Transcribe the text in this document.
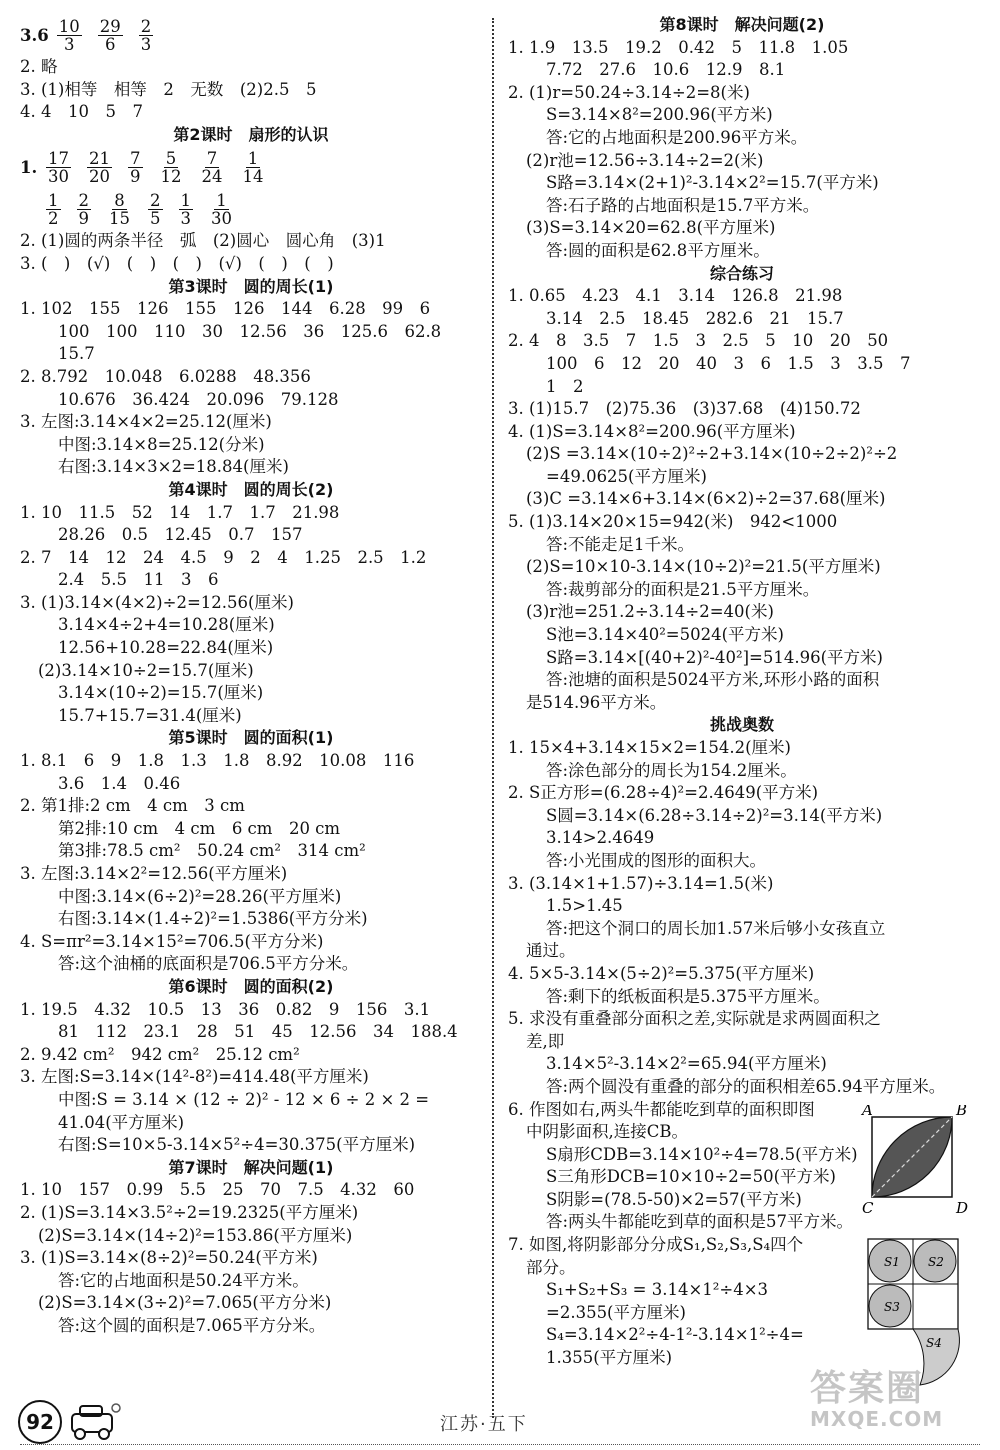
$3.6 \frac{10}{3} \frac{29}{6} \frac{2}{3}$
2. 略
3. (1)相等　相等　2　无数　(2)2.5　5
4. 4　10　5　7
第2课时　扇形的认识
1. $\frac{17}{30} \frac{21}{20} \frac{7}{9} \frac{5}{12} \frac{7}{24} \frac{1}{14}$
$\frac{1}{2} \frac{2}{9} \frac{8}{15} \frac{2}{5} \frac{1}{3} \frac{1}{30}$
2. (1)圆的两条半径　弧　(2)圆心　圆心角　(3)1
3. (　)　(√)　(　)　(　)　(√)　(　)　(　)
第3课时　圆的周长(1)
1. 102　155　126　155　126　144　6.28　99　6
100　100　110　30　12.56　36　125.6　62.8
15.7
2. 8.792　10.048　6.0288　48.356
10.676　36.424　20.096　79.128
3. 左图:3.14×4×2=25.12(厘米)
中图:3.14×8=25.12(分米)
右图:3.14×3×2=18.84(厘米)
第4课时　圆的周长(2)
1. 10　11.5　52　14　1.7　1.7　21.98
28.26　0.5　12.45　0.7　157
2. 7　14　12　24　4.5　9　2　4　1.25　2.5　1.2
2.4　5.5　11　3　6
3. (1)3.14×(4×2)÷2=12.56(厘米)
3.14×4÷2+4=10.28(厘米)
12.56+10.28=22.84(厘米)
(2)3.14×10÷2=15.7(厘米)
3.14×(10÷2)=15.7(厘米)
15.7+15.7=31.4(厘米)
第5课时　圆的面积(1)
1. 8.1　6　9　1.8　1.3　1.8　8.92　10.08　116
3.6　1.4　0.46
2. 第1排:2 cm　4 cm　3 cm
第2排:10 cm　4 cm　6 cm　20 cm
第3排:78.5 cm²　50.24 cm²　314 cm²
3. 左图:3.14×2²=12.56(平方厘米)
中图:3.14×(6÷2)²=28.26(平方厘米)
右图:3.14×(1.4÷2)²=1.5386(平方分米)
4. S=πr²=3.14×15²=706.5(平方分米)
答:这个油桶的底面积是706.5平方分米。
第6课时　圆的面积(2)
1. 19.5　4.32　10.5　13　36　0.82　9　156　3.1
81　112　23.1　28　51　45　12.56　34　188.4
2. 9.42 cm²　942 cm²　25.12 cm²
3. 左图:S=3.14×(14²-8²)=414.48(平方厘米)
中图:S = 3.14 × (12 ÷ 2)² - 12 × 6 ÷ 2 × 2 =
41.04(平方厘米)
右图:S=10×5-3.14×5²÷4=30.375(平方厘米)
第7课时　解决问题(1)
1. 10　157　0.99　5.5　25　70　7.5　4.32　60
2. (1)S=3.14×3.5²÷2=19.2325(平方厘米)
(2)S=3.14×(14÷2)²=153.86(平方厘米)
3. (1)S=3.14×(8÷2)²=50.24(平方米)
答:它的占地面积是50.24平方米。
(2)S=3.14×(3÷2)²=7.065(平方分米)
答:这个圆的面积是7.065平方分米。
第8课时　解决问题(2)
1. 1.9　13.5　19.2　0.42　5　11.8　1.05
7.72　27.6　10.6　12.9　8.1
2. (1)r=50.24÷3.14÷2=8(米)
S=3.14×8²=200.96(平方米)
答:它的占地面积是200.96平方米。
(2)r池=12.56÷3.14÷2=2(米)
S路=3.14×(2+1)²-3.14×2²=15.7(平方米)
答:石子路的占地面积是15.7平方米。
(3)S=3.14×20=62.8(平方厘米)
答:圆的面积是62.8平方厘米。
综合练习
1. 0.65　4.23　4.1　3.14　126.8　21.98
3.14　2.5　18.45　282.6　21　15.7
2. 4　8　3.5　7　1.5　3　2.5　5　10　20　50
100　6　12　20　40　3　6　1.5　3　3.5　7
1　2
3. (1)15.7　(2)75.36　(3)37.68　(4)150.72
4. (1)S=3.14×8²=200.96(平方厘米)
(2)S =3.14×(10÷2)²÷2+3.14×(10÷2÷2)²÷2
=49.0625(平方厘米)
(3)C =3.14×6+3.14×(6×2)÷2=37.68(厘米)
5. (1)3.14×20×15=942(米)　942<1000
答:不能走足1千米。
(2)S=10×10-3.14×(10÷2)²=21.5(平方厘米)
答:裁剪部分的面积是21.5平方厘米。
(3)r池=251.2÷3.14÷2=40(米)
S池=3.14×40²=5024(平方米)
S路=3.14×[(40+2)²-40²]=514.96(平方米)
答:池塘的面积是5024平方米,环形小路的面积
是514.96平方米。
挑战奥数
1. 15×4+3.14×15×2=154.2(厘米)
答:涂色部分的周长为154.2厘米。
2. S正方形=(6.28÷4)²=2.4649(平方米)
S圆=3.14×(6.28÷3.14÷2)²=3.14(平方米)
3.14>2.4649
答:小光围成的图形的面积大。
3. (3.14×1+1.57)÷3.14=1.5(米)
1.5>1.45
答:把这个洞口的周长加1.57米后够小女孩直立
通过。
4. 5×5-3.14×(5÷2)²=5.375(平方厘米)
答:剩下的纸板面积是5.375平方厘米。
5. 求没有重叠部分面积之差,实际就是求两圆面积之
差,即
3.14×5²-3.14×2²=65.94(平方厘米)
答:两个圆没有重叠的部分的面积相差65.94平方厘米。
6. 作图如右,两头牛都能吃到草的面积即图
中阴影面积,连接CB。
S扇形CDB=3.14×10²÷4=78.5(平方米)
S三角形DCB=10×10÷2=50(平方米)
S阴影=(78.5-50)×2=57(平方米)
答:两头牛都能吃到草的面积是57平方米。
7. 如图,将阴影部分分成S₁,S₂,S₃,S₄四个
部分。
S₁+S₂+S₃ = 3.14×1²÷4×3
=2.355(平方厘米)
S₄=3.14×2²÷4-1²-3.14×1²÷4=
1.355(平方厘米)
A	B
C	D
S1 S2
S3
S4
92	江苏·五下
答案圈
MXQE.COM
